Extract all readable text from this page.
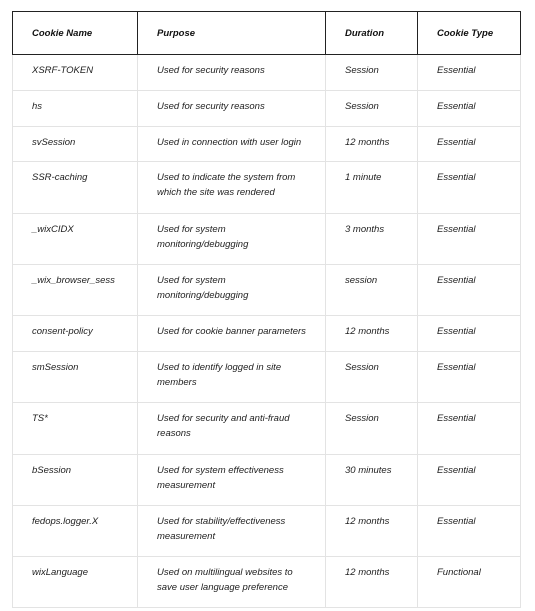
Cookie Name	Purpose	Duration	Cookie Type
XSRF-TOKEN	Used for security reasons	Session	Essential
hs	Used for security reasons	Session	Essential
svSession	Used in connection with user login	12 months	Essential
SSR-caching	Used to indicate the system from which the site was rendered	1 minute	Essential
_wixCIDX	Used for system monitoring/debugging	3 months	Essential
_wix_browser_sess	Used for system monitoring/debugging	session	Essential
consent-policy	Used for cookie banner parameters	12 months	Essential
smSession	Used to identify logged in site members	Session	Essential
TS*	Used for security and anti-fraud reasons	Session	Essential
bSession	Used for system effectiveness measurement	30 minutes	Essential
fedops.logger.X	Used for stability/effectiveness measurement	12 months	Essential
wixLanguage	Used on multilingual websites to save user language preference	12 months	Functional
